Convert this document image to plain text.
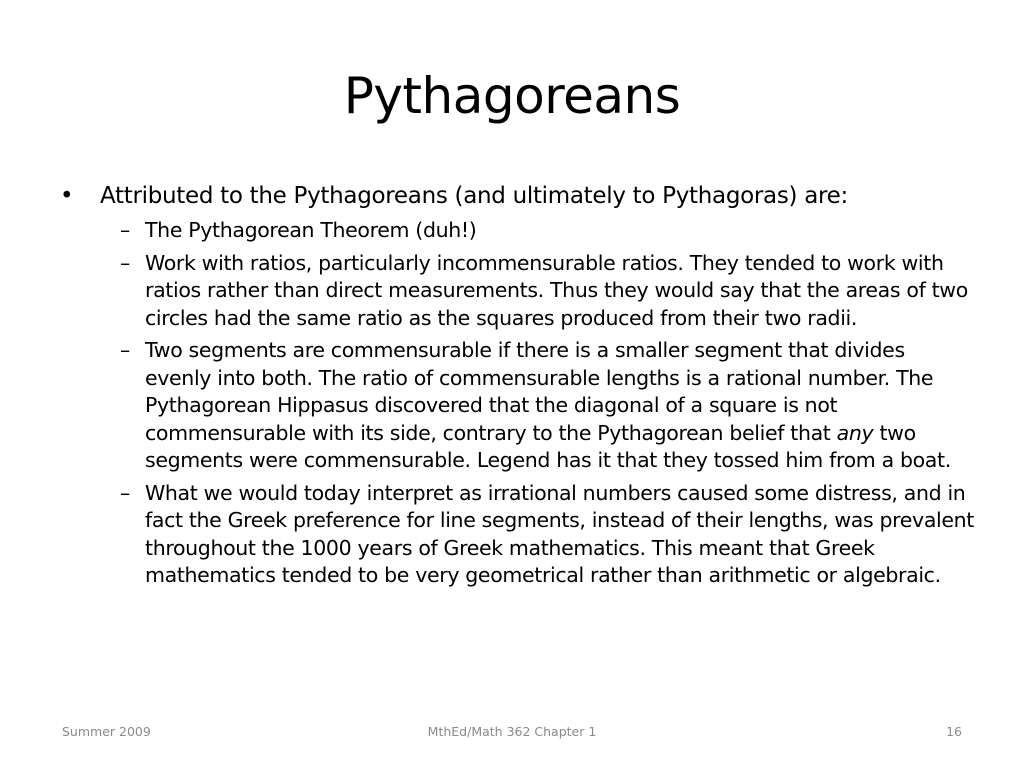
Pythagoreans
• Attributed to the Pythagoreans (and ultimately to Pythagoras) are:
– The Pythagorean Theorem (duh!)
– Work with ratios, particularly incommensurable ratios. They tended to work with ratios rather than direct measurements. Thus they would say that the areas of two circles had the same ratio as the squares produced from their two radii.
– Two segments are commensurable if there is a smaller segment that divides evenly into both. The ratio of commensurable lengths is a rational number. The Pythagorean Hippasus discovered that the diagonal of a square is not commensurable with its side, contrary to the Pythagorean belief that any two segments were commensurable. Legend has it that they tossed him from a boat.
– What we would today interpret as irrational numbers caused some distress, and in fact the Greek preference for line segments, instead of their lengths, was prevalent throughout the 1000 years of Greek mathematics. This meant that Greek mathematics tended to be very geometrical rather than arithmetic or algebraic.
Summer 2009	MthEd/Math 362 Chapter 1	16
